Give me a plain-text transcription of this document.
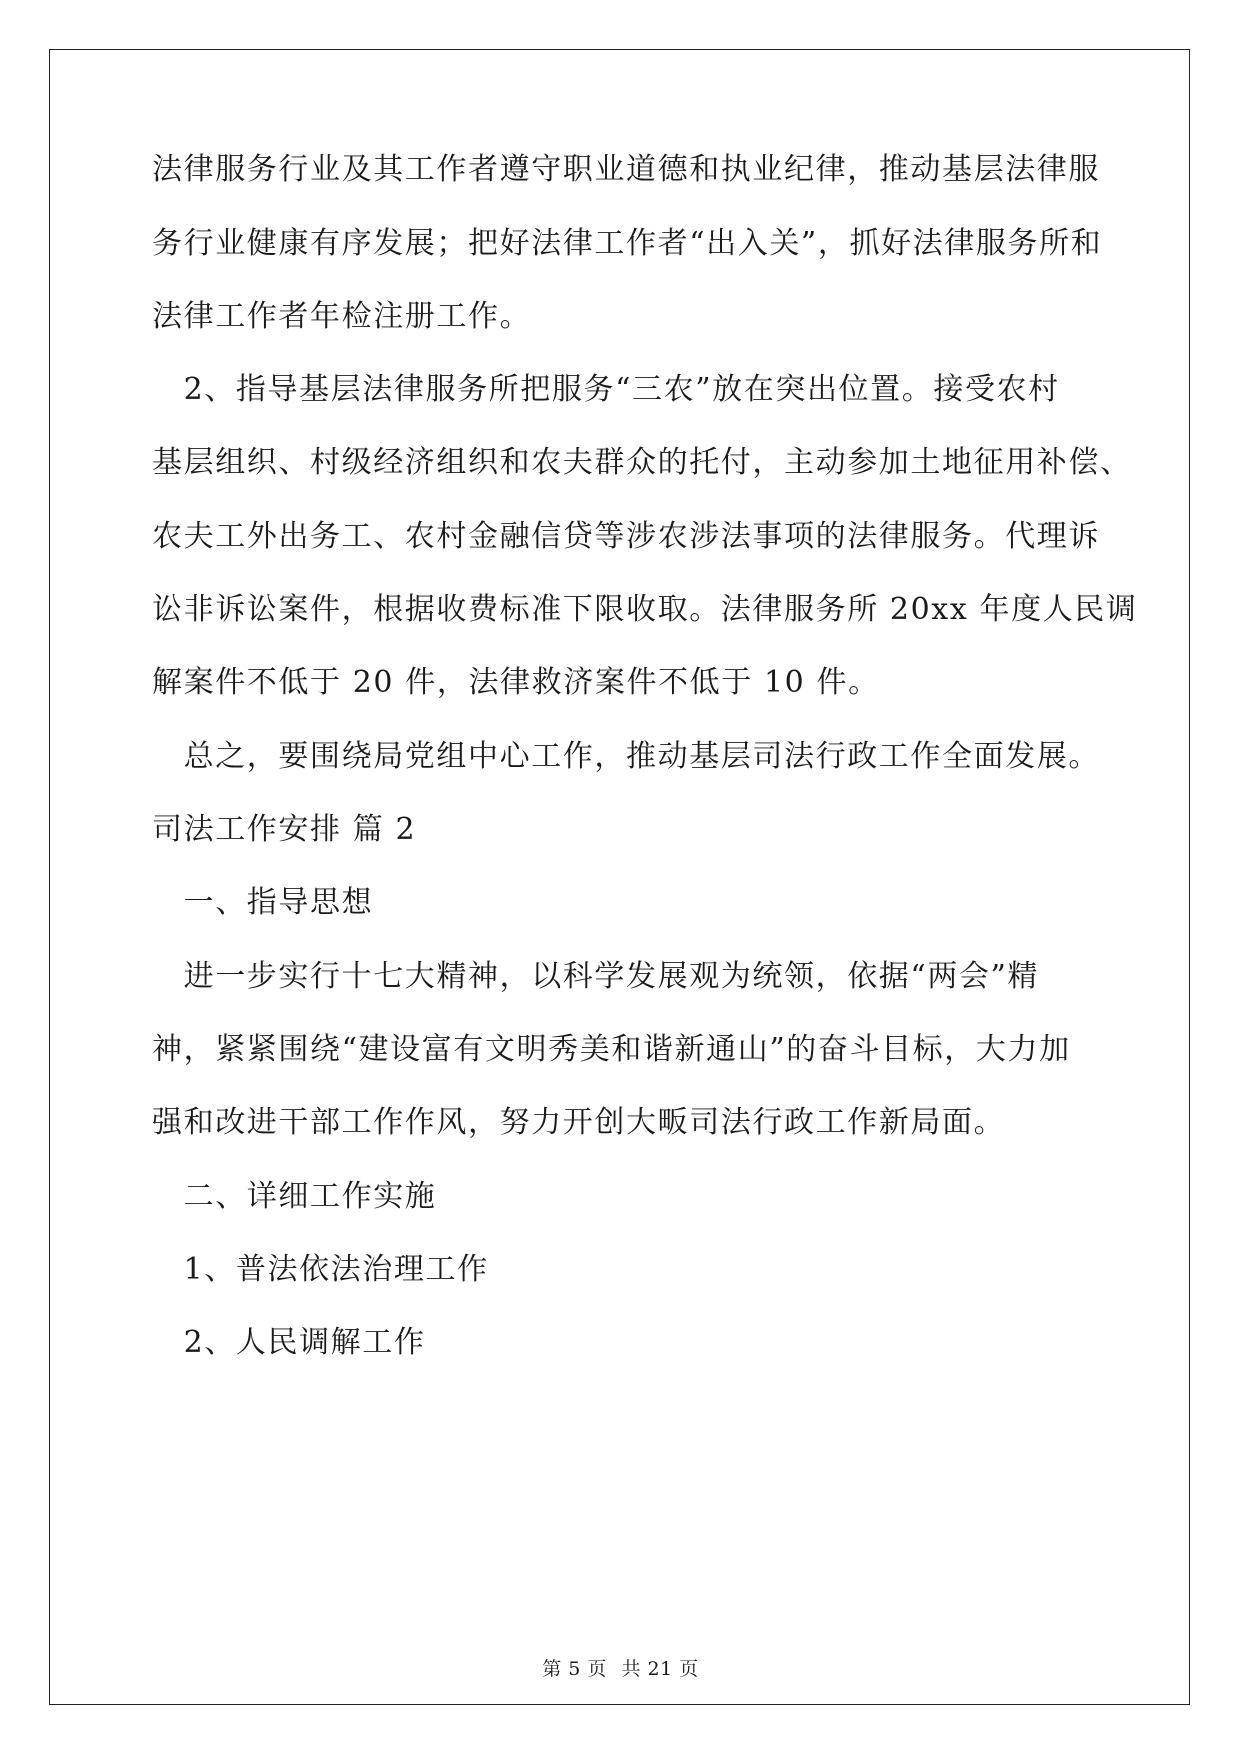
法律服务行业及其工作者遵守职业道德和执业纪律，推动基层法律服
务行业健康有序发展；把好法律工作者“出入关”，抓好法律服务所和
法律工作者年检注册工作。
　2、指导基层法律服务所把服务“三农”放在突出位置。接受农村
基层组织、村级经济组织和农夫群众的托付，主动参加土地征用补偿、
农夫工外出务工、农村金融信贷等涉农涉法事项的法律服务。代理诉
讼非诉讼案件，根据收费标准下限收取。法律服务所 20xx 年度人民调
解案件不低于 20 件，法律救济案件不低于 10 件。
　总之，要围绕局党组中心工作，推动基层司法行政工作全面发展。
司法工作安排 篇 2
　一、指导思想
　进一步实行十七大精神，以科学发展观为统领，依据“两会”精
神，紧紧围绕“建设富有文明秀美和谐新通山”的奋斗目标，大力加
强和改进干部工作作风，努力开创大畈司法行政工作新局面。
　二、详细工作实施
　1、普法依法治理工作
　2、人民调解工作
第 5 页 共 21 页
